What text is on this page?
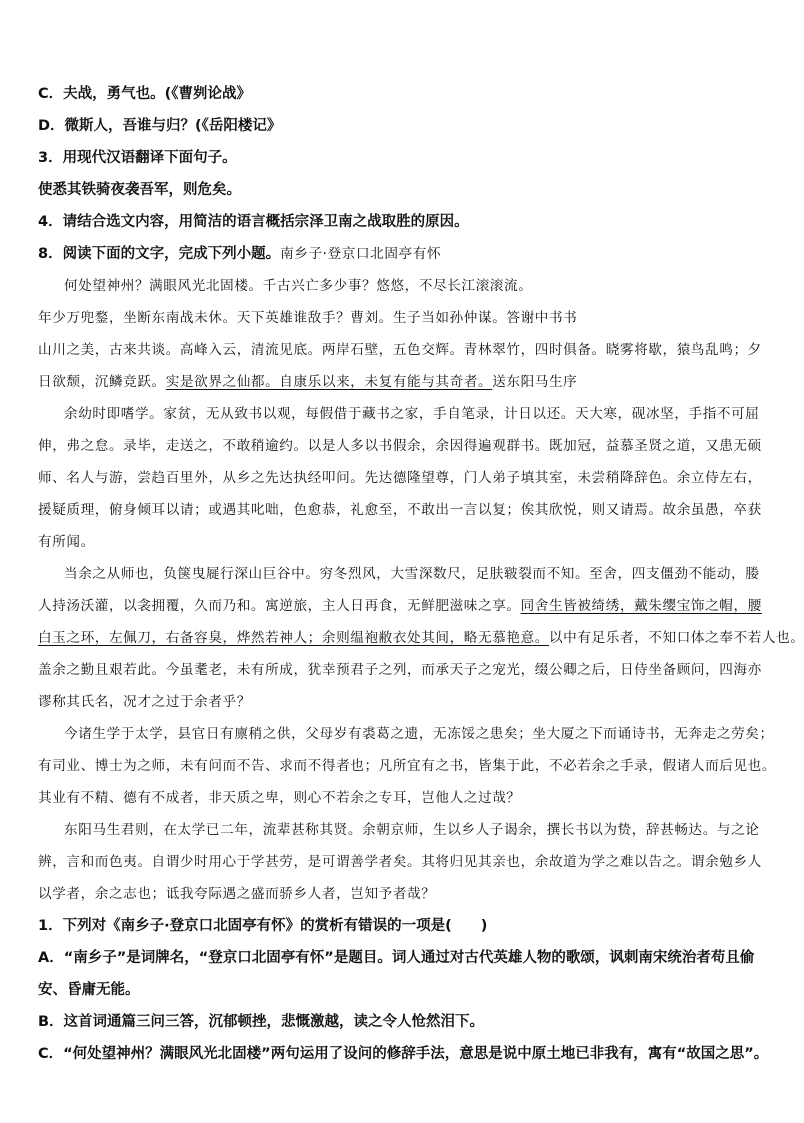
C．夫战，勇气也。(《曹刿论战》
D．微斯人，吾谁与归？(《岳阳楼记》
3．用现代汉语翻译下面句子。
使悉其铁骑夜袭吾军，则危矣。
4．请结合选文内容，用简洁的语言概括宗泽卫南之战取胜的原因。
8．阅读下面的文字，完成下列小题。南乡子·登京口北固亭有怀
何处望神州？满眼风光北固楼。千古兴亡多少事？悠悠，不尽长江滚滚流。
年少万兜鍪，坐断东南战未休。天下英雄谁敌手？曹刘。生子当如孙仲谋。答谢中书书
山川之美，古来共谈。高峰入云，清流见底。两岸石壁，五色交辉。青林翠竹，四时俱备。晓雾将歇，猿鸟乱鸣；夕
日欲颓，沉鳞竞跃。实是欲界之仙都。自康乐以来，未复有能与其奇者。送东阳马生序
余幼时即嗜学。家贫，无从致书以观，每假借于藏书之家，手自笔录，计日以还。天大寒，砚冰坚，手指不可屈
伸，弗之怠。录毕，走送之，不敢稍逾约。以是人多以书假余，余因得遍观群书。既加冠，益慕圣贤之道，又患无硕
师、名人与游，尝趋百里外，从乡之先达执经叩问。先达德隆望尊，门人弟子填其室，未尝稍降辞色。余立侍左右，
援疑质理，俯身倾耳以请；或遇其叱咄，色愈恭，礼愈至，不敢出一言以复；俟其欣悦，则又请焉。故余虽愚，卒获
有所闻。
当余之从师也，负箧曳屣行深山巨谷中。穷冬烈风，大雪深数尺，足肤皲裂而不知。至舍，四支僵劲不能动，媵
人持汤沃灌，以衾拥覆，久而乃和。寓逆旅，主人日再食，无鲜肥滋味之享。同舍生皆被绮绣，戴朱缨宝饰之帽，腰
白玉之环，左佩刀，右备容臭，烨然若神人；余则缊袍敝衣处其间，略无慕艳意。以中有足乐者，不知口体之奉不若人也。
盖余之勤且艰若此。今虽耄老，未有所成，犹幸预君子之列，而承天子之宠光，缀公卿之后，日侍坐备顾问，四海亦
谬称其氏名，况才之过于余者乎？
今诸生学于太学，县官日有廪稍之供，父母岁有裘葛之遗，无冻馁之患矣；坐大厦之下而诵诗书，无奔走之劳矣；
有司业、博士为之师，未有问而不告、求而不得者也；凡所宜有之书，皆集于此，不必若余之手录，假诸人而后见也。
其业有不精、德有不成者，非天质之卑，则心不若余之专耳，岂他人之过哉？
东阳马生君则，在太学已二年，流辈甚称其贤。余朝京师，生以乡人子谒余，撰长书以为贽，辞甚畅达。与之论
辨，言和而色夷。自谓少时用心于学甚劳，是可谓善学者矣。其将归见其亲也，余故道为学之难以告之。谓余勉乡人
以学者，余之志也；诋我夸际遇之盛而骄乡人者，岂知予者哉？
1．下列对《南乡子·登京口北固亭有怀》的赏析有错误的一项是(　　)
A．“南乡子”是词牌名，“登京口北固亭有怀”是题目。词人通过对古代英雄人物的歌颂，讽刺南宋统治者苟且偷
安、昏庸无能。
B．这首词通篇三问三答，沉郁顿挫，悲慨激越，读之令人怆然泪下。
C．“何处望神州？满眼风光北固楼”两句运用了设问的修辞手法，意思是说中原土地已非我有，寓有“故国之思”。
